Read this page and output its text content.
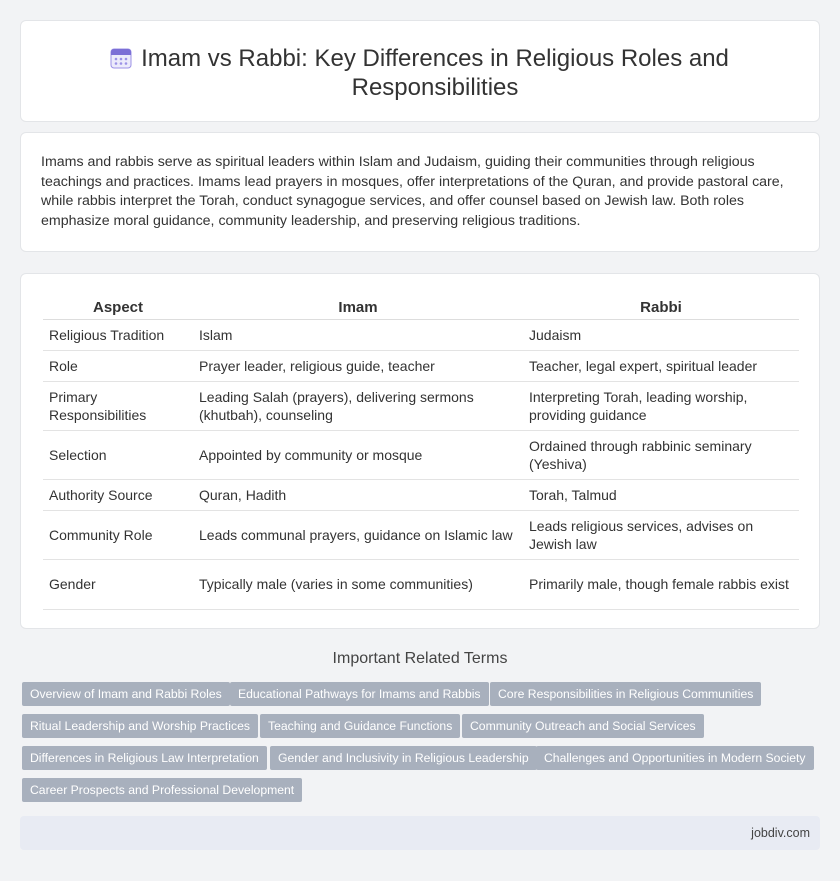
Imam vs Rabbi: Key Differences in Religious Roles and Responsibilities

Imams and rabbis serve as spiritual leaders within Islam and Judaism, guiding their communities through religious teachings and practices. Imams lead prayers in mosques, offer interpretations of the Quran, and provide pastoral care, while rabbis interpret the Torah, conduct synagogue services, and offer counsel based on Jewish law. Both roles emphasize moral guidance, community leadership, and preserving religious traditions.

Aspect	Imam	Rabbi
Religious Tradition	Islam	Judaism
Role	Prayer leader, religious guide, teacher	Teacher, legal expert, spiritual leader
Primary Responsibilities	Leading Salah (prayers), delivering sermons (khutbah), counseling	Interpreting Torah, leading worship, providing guidance
Selection	Appointed by community or mosque	Ordained through rabbinic seminary (Yeshiva)
Authority Source	Quran, Hadith	Torah, Talmud
Community Role	Leads communal prayers, guidance on Islamic law	Leads religious services, advises on Jewish law
Gender	Typically male (varies in some communities)	Primarily male, though female rabbis exist
Important Related Terms
Overview of Imam and Rabbi Roles	Educational Pathways for Imams and Rabbis	Core Responsibilities in Religious Communities
Ritual Leadership and Worship Practices	Teaching and Guidance Functions	Community Outreach and Social Services
Differences in Religious Law Interpretation	Gender and Inclusivity in Religious Leadership	Challenges and Opportunities in Modern Society
Career Prospects and Professional Development
jobdiv.com
